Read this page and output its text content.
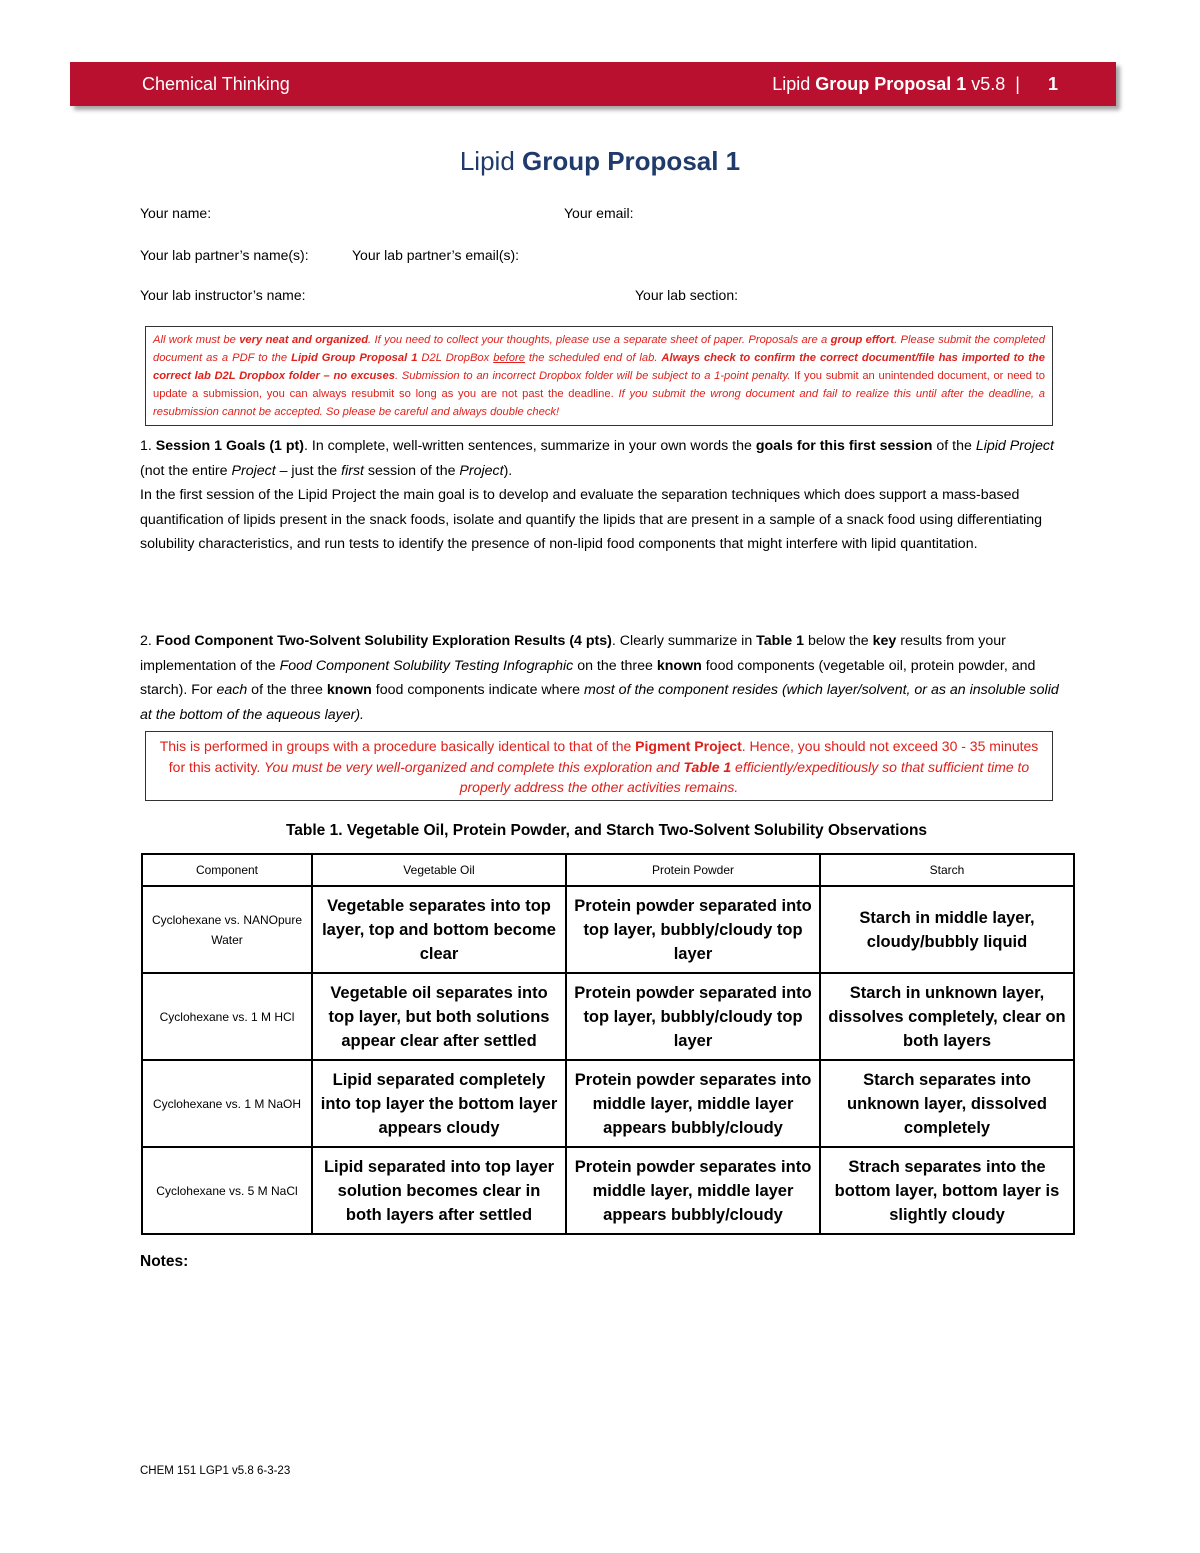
Chemical Thinking	Lipid Group Proposal 1 v5.8 | 1
Lipid Group Proposal 1
Your name:	Your email:
Your lab partner’s name(s):	Your lab partner’s email(s):
Your lab instructor’s name:	Your lab section:
All work must be very neat and organized. If you need to collect your thoughts, please use a separate sheet of paper. Proposals are a group effort. Please submit the completed document as a PDF to the Lipid Group Proposal 1 D2L DropBox before the scheduled end of lab. Always check to confirm the correct document/file has imported to the correct lab D2L Dropbox folder – no excuses. Submission to an incorrect Dropbox folder will be subject to a 1-point penalty. If you submit an unintended document, or need to update a submission, you can always resubmit so long as you are not past the deadline. If you submit the wrong document and fail to realize this until after the deadline, a resubmission cannot be accepted. So please be careful and always double check!
1. Session 1 Goals (1 pt). In complete, well-written sentences, summarize in your own words the goals for this first session of the Lipid Project (not the entire Project – just the first session of the Project).
In the first session of the Lipid Project the main goal is to develop and evaluate the separation techniques which does support a mass-based quantification of lipids present in the snack foods, isolate and quantify the lipids that are present in a sample of a snack food using differentiating solubility characteristics, and run tests to identify the presence of non-lipid food components that might interfere with lipid quantitation.
2. Food Component Two-Solvent Solubility Exploration Results (4 pts). Clearly summarize in Table 1 below the key results from your implementation of the Food Component Solubility Testing Infographic on the three known food components (vegetable oil, protein powder, and starch). For each of the three known food components indicate where most of the component resides (which layer/solvent, or as an insoluble solid at the bottom of the aqueous layer).
This is performed in groups with a procedure basically identical to that of the Pigment Project. Hence, you should not exceed 30 - 35 minutes for this activity. You must be very well-organized and complete this exploration and Table 1 efficiently/expeditiously so that sufficient time to properly address the other activities remains.
Table 1. Vegetable Oil, Protein Powder, and Starch Two-Solvent Solubility Observations
Component	Vegetable Oil	Protein Powder	Starch
Cyclohexane vs. NANOpure Water	Vegetable separates into top layer, top and bottom become clear	Protein powder separated into top layer, bubbly/cloudy top layer	Starch in middle layer, cloudy/bubbly liquid
Cyclohexane vs. 1 M HCl	Vegetable oil separates into top layer, but both solutions appear clear after settled	Protein powder separated into top layer, bubbly/cloudy top layer	Starch in unknown layer, dissolves completely, clear on both layers
Cyclohexane vs. 1 M NaOH	Lipid separated completely into top layer the bottom layer appears cloudy	Protein powder separates into middle layer, middle layer appears bubbly/cloudy	Starch separates into unknown layer, dissolved completely
Cyclohexane vs. 5 M NaCl	Lipid separated into top layer solution becomes clear in both layers after settled	Protein powder separates into middle layer, middle layer appears bubbly/cloudy	Strach separates into the bottom layer, bottom layer is slightly cloudy
Notes:
CHEM 151 LGP1 v5.8 6-3-23
